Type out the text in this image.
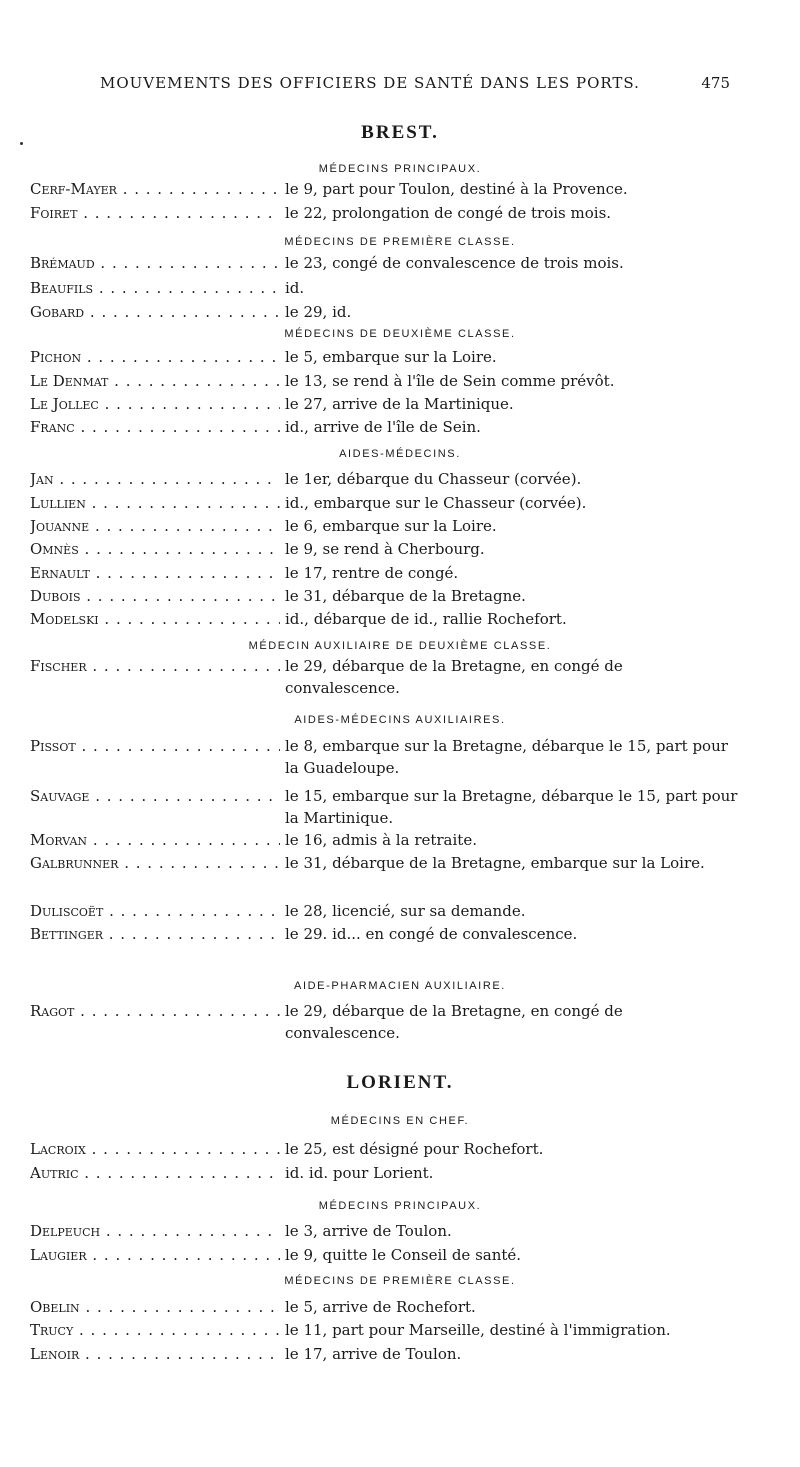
MOUVEMENTS DES OFFICIERS DE SANTÉ DANS LES PORTS.	475
BREST.
MÉDECINS PRINCIPAUX.
Cerf-Mayer . . .	le 9, part pour Toulon, destiné à la Provence.
Foiret . . .	le 22, prolongation de congé de trois mois.
MÉDECINS DE PREMIÈRE CLASSE.
Brémaud . . .	le 23, congé de convalescence de trois mois.
Beaufils . . .	id.
Gobard . . .	le 29, id.
MÉDECINS DE DEUXIÈME CLASSE.
Pichon . . .	le 5, embarque sur la Loire.
Le Denmat . . .	le 13, se rend à l'île de Sein comme prévôt.
Le Jollec . . .	le 27, arrive de la Martinique.
Franc . . .	id., arrive de l'île de Sein.
AIDES-MÉDECINS.
Jan . . .	le 1er, débarque du Chasseur (corvée).
Lullien . . .	id., embarque sur le Chasseur (corvée).
Jouanne . . .	le 6, embarque sur la Loire.
Omnès . . .	le 9, se rend à Cherbourg.
Ernault . . .	le 17, rentre de congé.
Dubois . . .	le 31, débarque de la Bretagne.
Modelski . . .	id., débarque de id., rallie Rochefort.
MÉDECIN AUXILIAIRE DE DEUXIÈME CLASSE.
Fischer . . .	le 29, débarque de la Bretagne, en congé de convalescence.
AIDES-MÉDECINS AUXILIAIRES.
Pissot . . .	le 8, embarque sur la Bretagne, débarque le 15, part pour la Guadeloupe.
Sauvage . . .	le 15, embarque sur la Bretagne, débarque le 15, part pour la Martinique.
Morvan . . .	le 16, admis à la retraite.
Galbrunner . . .	le 31, débarque de la Bretagne, embarque sur la Loire.
Duliscoët . . .	le 28, licencié, sur sa demande.
Bettinger . . .	le 29. id... en congé de convalescence.
AIDE-PHARMACIEN AUXILIAIRE.
Ragot . . .	le 29, débarque de la Bretagne, en congé de convalescence.
LORIENT.
MÉDECINS EN CHEF.
Lacroix . . .	le 25, est désigné pour Rochefort.
Autric . . .	id. id. pour Lorient.
MÉDECINS PRINCIPAUX.
Delpeuch . . .	le 3, arrive de Toulon.
Laugier . . .	le 9, quitte le Conseil de santé.
MÉDECINS DE PREMIÈRE CLASSE.
Obelin . . .	le 5, arrive de Rochefort.
Trucy . . .	le 11, part pour Marseille, destiné à l'immigration.
Lenoir . . .	le 17, arrive de Toulon.
